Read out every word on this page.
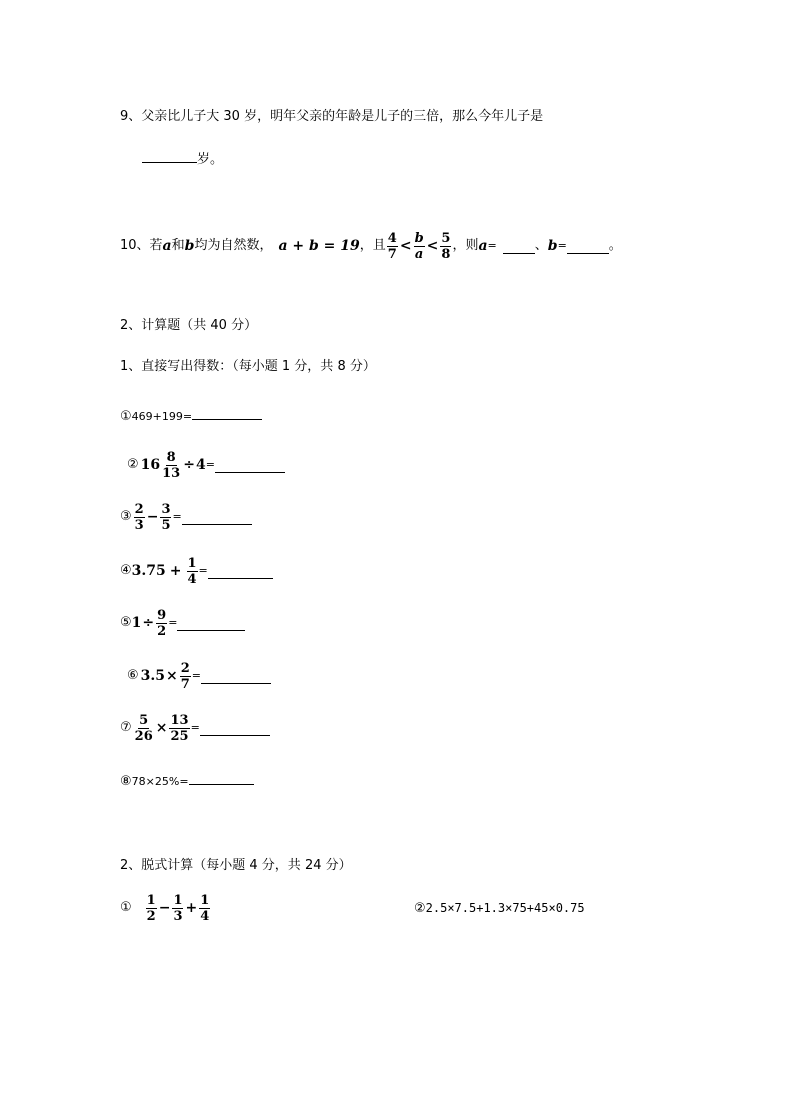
9、父亲比儿子大 30 岁，明年父亲的年龄是儿子的三倍，那么今年儿子是
岁。
10、若 a 和 b 均为自然数， a + b = 19 ，且 $\frac{4}{7} < \frac{b}{a} < \frac{5}{8}$ ，则 a =	、 b =	。
2、计算题（共 40 分）
1、直接写出得数：（每小题 1 分，共 8 分）
①469+199=
② $16 \frac{8}{13} \div 4$ =
③ $\frac{2}{3} - \frac{3}{5}$ =
④ $3.75 + \frac{1}{4}$ =
⑤ $1 \div \frac{9}{2}$ =
⑥ $3.5 \times \frac{2}{7}$ =
⑦ $\frac{5}{26} \times \frac{13}{25}$ =
⑧78×25%=
2、脱式计算（每小题 4 分，共 24 分）
① $\frac{1}{2} - \frac{1}{3} + \frac{1}{4}$	②2.5×7.5+1.3×75+45×0.75
